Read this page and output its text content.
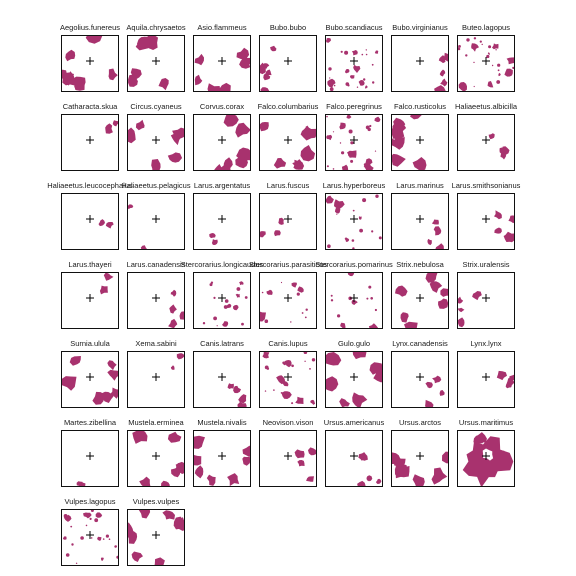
Aegolius.funereus Aquila.chrysaetos	Asio.flammeus	Bubo.bubo	Bubo.scandiacus	Bubo.virginianus	Buteo.lagopus
Catharacta.skua	Circus.cyaneus	Corvus.corax	Falco.columbarius	Falco.peregrinus	Falco.rusticolus	Haliaeetus.albicilla
Haliaeetus.leucocephalus
Haliaeetus.pelagicus Larus.argentatus	Larus.fuscus	Larus.hyperboreus	Larus.marinus	Larus.smithsonianus
Larus.thayeri	Larus.canadensis
Stercorarius.longicaudus
Stercorarius.parasiticus
Stercorarius.pomarinus Strix.nebulosa	Strix.uralensis
Surnia.ulula	Xema.sabini	Canis.latrans	Canis.lupus	Gulo.gulo	Lynx.canadensis	Lynx.lynx
Martes.zibellina	Mustela.erminea	Mustela.nivalis	Neovison.vison	Ursus.americanus	Ursus.arctos	Ursus.maritimus
Vulpes.lagopus	Vulpes.vulpes
